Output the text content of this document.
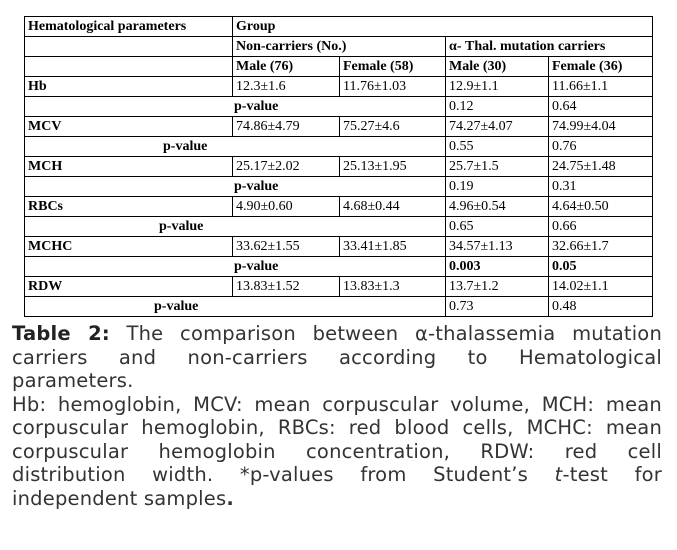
Hematological parameters	Group			
	Non-carriers (No.)		α- Thal. mutation carriers	
	Male (76)	Female (58)	Male (30)	Female (36)
Hb	12.3±1.6	11.76±1.03	12.9±1.1	11.66±1.1
p-value			0.12	0.64
MCV	74.86±4.79	75.27±4.6	74.27±4.07	74.99±4.04
p-value			0.55	0.76
MCH	25.17±2.02	25.13±1.95	25.7±1.5	24.75±1.48
p-value			0.19	0.31
RBCs	4.90±0.60	4.68±0.44	4.96±0.54	4.64±0.50
p-value			0.65	0.66
MCHC	33.62±1.55	33.41±1.85	34.57±1.13	32.66±1.7
p-value			0.003	0.05
RDW	13.83±1.52	13.83±1.3	13.7±1.2	14.02±1.1
p-value			0.73	0.48

Table 2: The comparison between α-thalassemia mutation carriers and non-carriers according to Hematological parameters.

Hb: hemoglobin, MCV: mean corpuscular volume, MCH: mean corpuscular hemoglobin, RBCs: red blood cells, MCHC: mean corpuscular hemoglobin concentration, RDW: red cell distribution width. *p-values from Student’s t-test for independent samples.
